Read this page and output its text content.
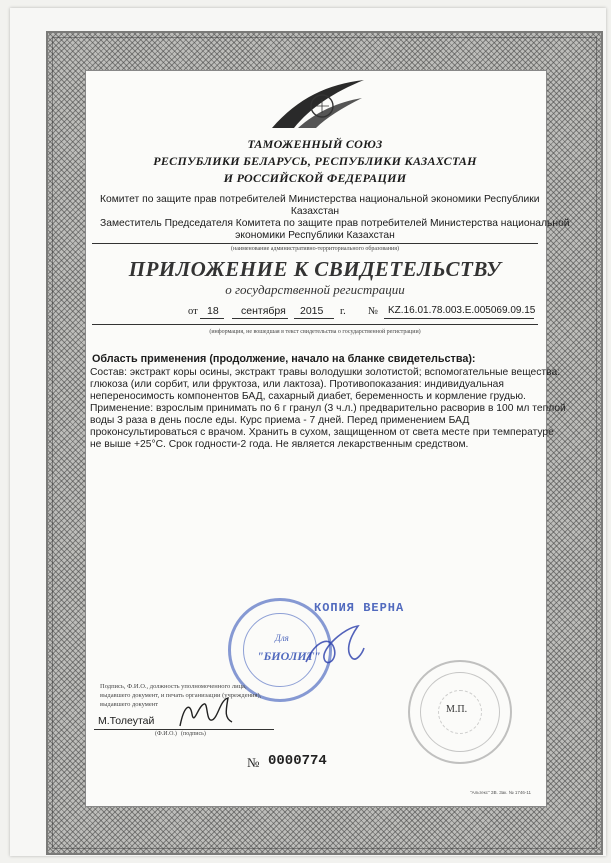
ТАМОЖЕННЫЙ СОЮЗ

РЕСПУБЛИКИ БЕЛАРУСЬ, РЕСПУБЛИКИ КАЗАХСТАН

И РОССИЙСКОЙ ФЕДЕРАЦИИ

Комитет по защите прав потребителей Министерства национальной экономики Республики

Казахстан

Заместитель Председателя Комитета по защите прав потребителей Министерства национальной

экономики Республики Казахстан

(наименование административно-территориального образования)

ПРИЛОЖЕНИЕ К СВИДЕТЕЛЬСТВУ

о государственной регистрации

от 18 сентября 2015 г. № KZ.16.01.78.003.E.005069.09.15

(информация, не вошедшая в текст свидетельства о государственной регистрации)

Область применения (продолжение, начало на бланке свидетельства):

Состав: экстракт коры осины, экстракт травы володушки золотистой; вспомогательные вещества:

глюкоза (или сорбит, или фруктоза, или лактоза). Противопоказания: индивидуальная

непереносимость компонентов БАД, сахарный диабет, беременность и кормление грудью.

Применение: взрослым принимать по 6 г гранул (3 ч.л.) предварительно расворив в 100 мл теплой

воды 3 раза в день после еды. Курс приема - 7 дней. Перед применением БАД

проконсультироваться с врачом. Хранить в сухом, защищенном от света месте при температуре

не выше +25°C. Срок годности-2 года. Не является лекарственным средством.

КОПИЯ ВЕРНА
Для
"БИОЛИТ"

Подпись, Ф.И.О., должность уполномоченного лица,

выдавшего документ, и печать организации (учреждения),

выдавшего документ

М.Толеутай
(Ф.И.О.) (подпись)
М.П.
№ 0000774
"Альтекс" ЗВ. Зак. № 1746-11
